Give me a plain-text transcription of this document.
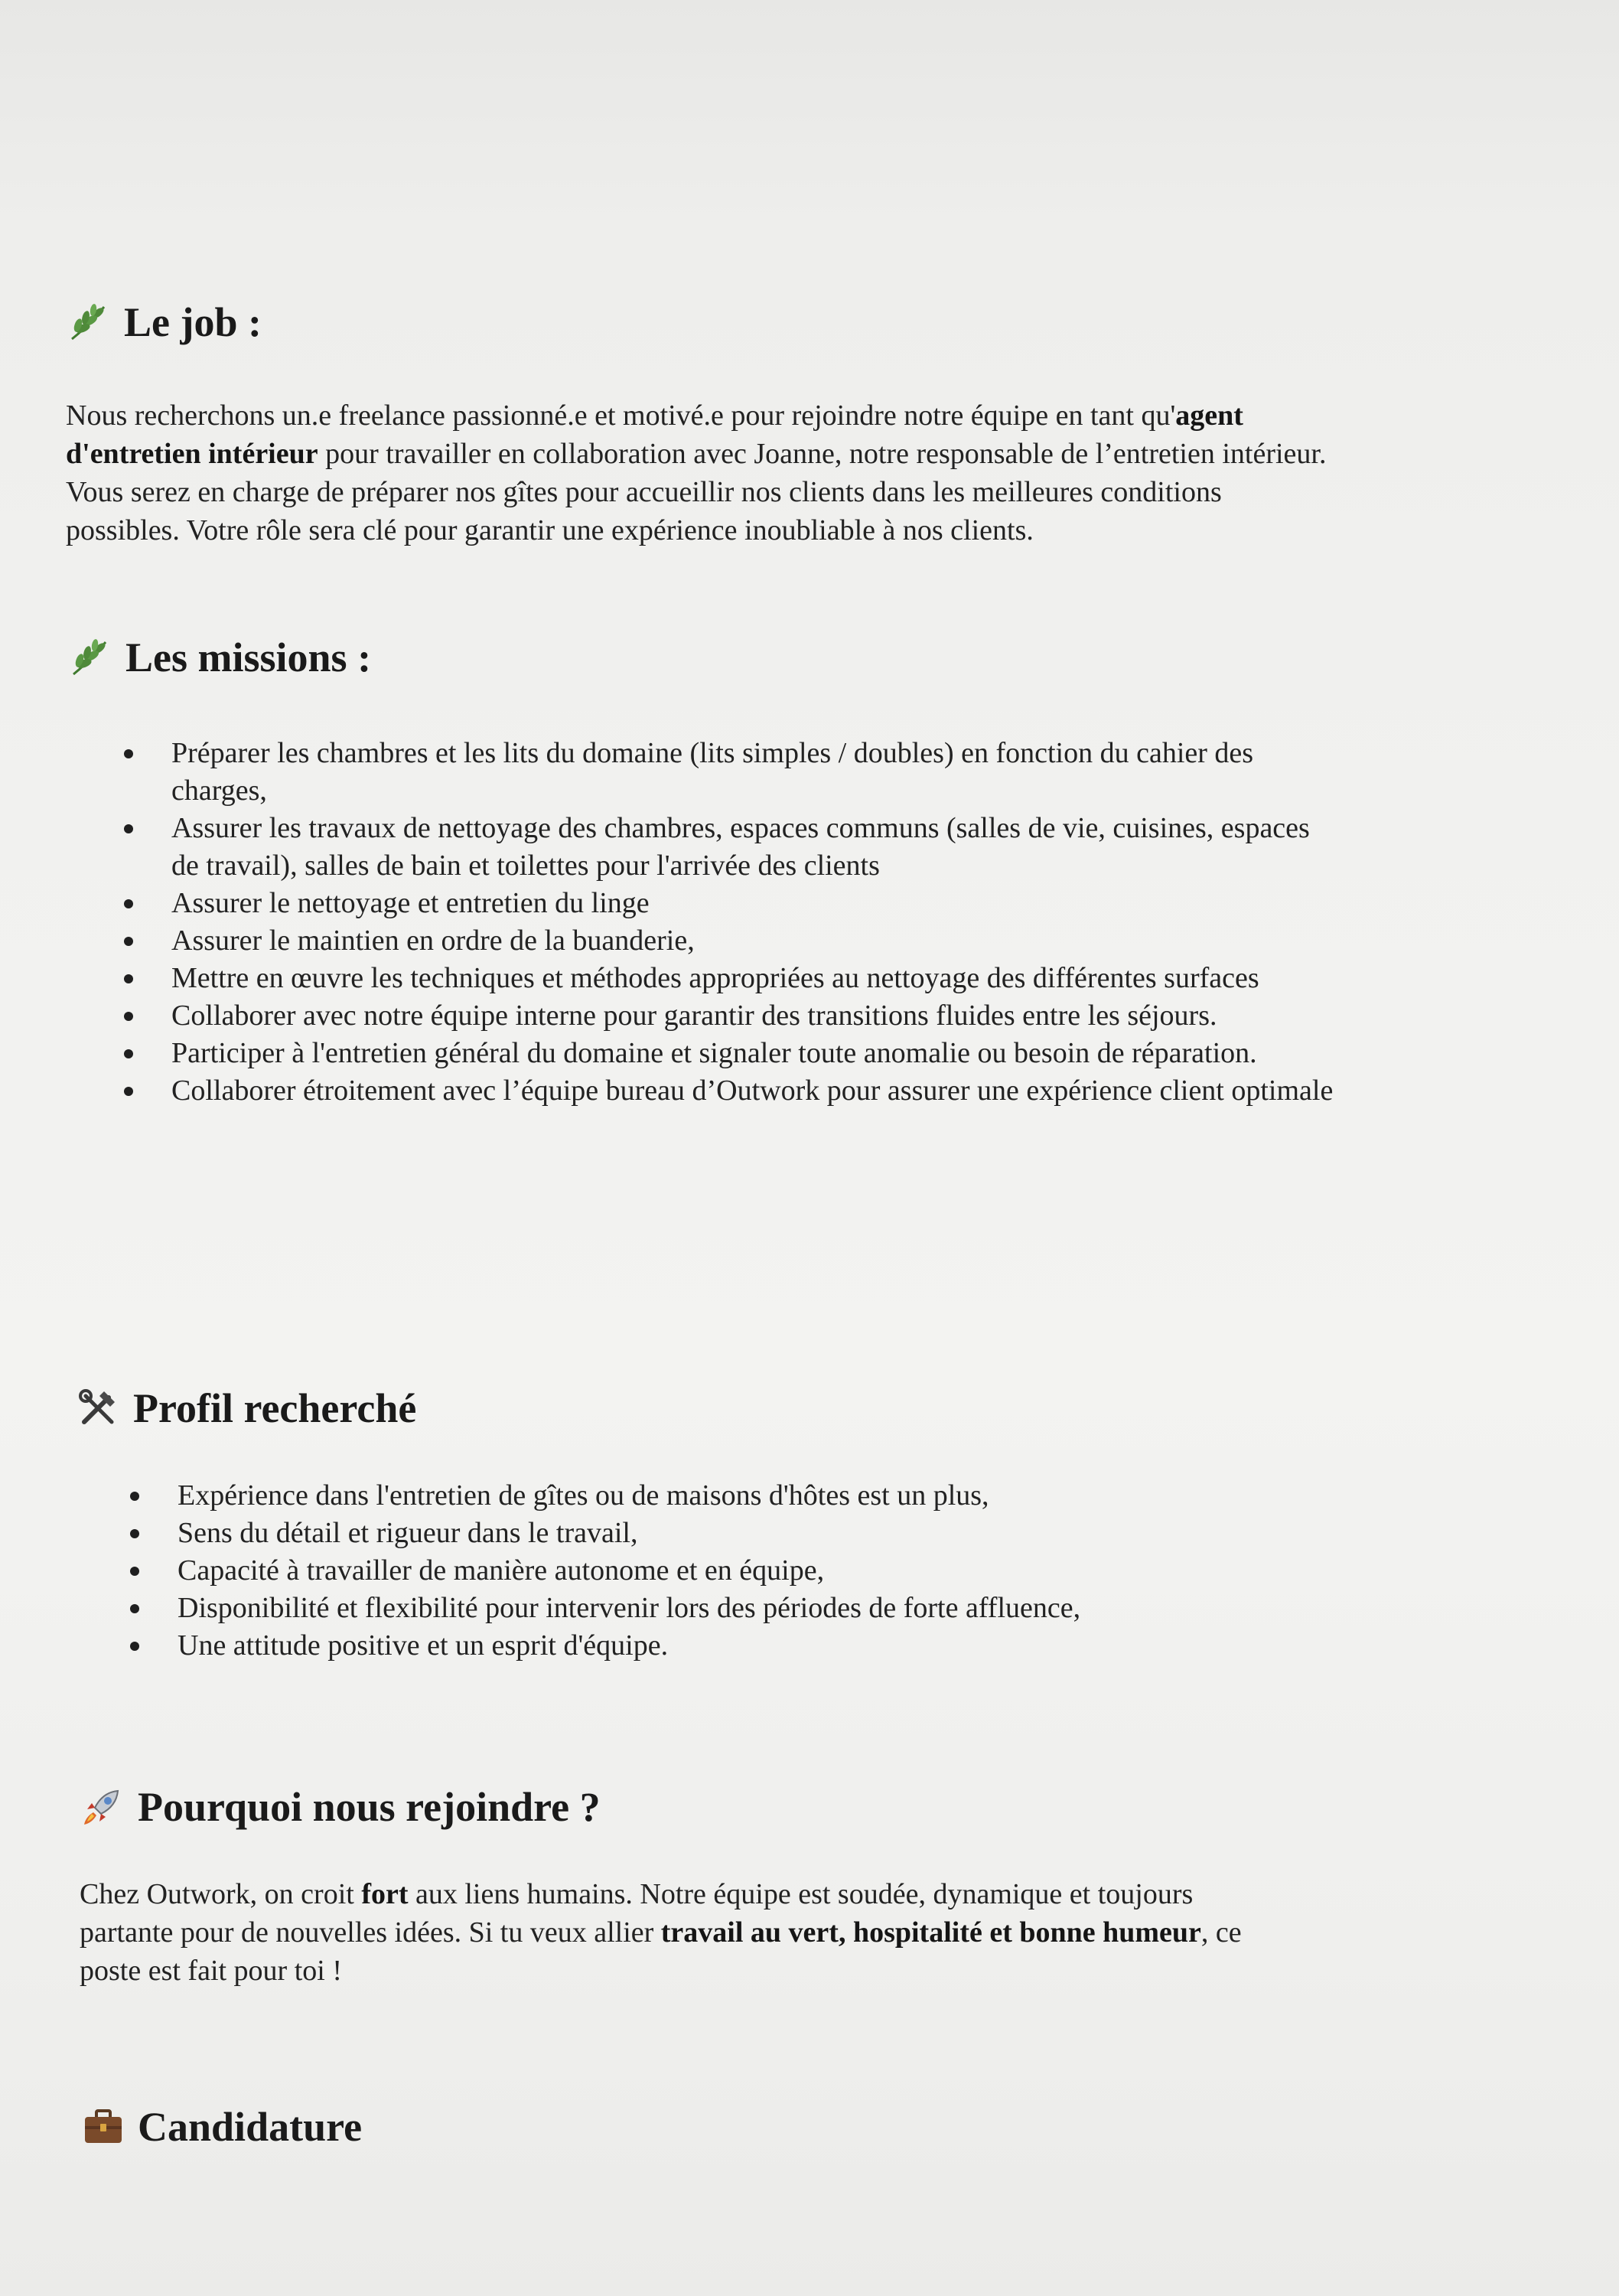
Le job :

Nous recherchons un.e freelance passionné.e et motivé.e pour rejoindre notre équipe en tant qu'agent d'entretien intérieur pour travailler en collaboration avec Joanne, notre responsable de l’entretien intérieur. Vous serez en charge de préparer nos gîtes pour accueillir nos clients dans les meilleures conditions possibles. Votre rôle sera clé pour garantir une expérience inoubliable à nos clients.

Les missions :
Préparer les chambres et les lits du domaine (lits simples / doubles) en fonction du cahier des charges,
Assurer les travaux de nettoyage des chambres, espaces communs (salles de vie, cuisines, espaces de travail), salles de bain et toilettes pour l'arrivée des clients
Assurer le nettoyage et entretien du linge
Assurer le maintien en ordre de la buanderie,
Mettre en œuvre les techniques et méthodes appropriées au nettoyage des différentes surfaces
Collaborer avec notre équipe interne pour garantir des transitions fluides entre les séjours.
Participer à l'entretien général du domaine et signaler toute anomalie ou besoin de réparation.
Collaborer étroitement avec l’équipe bureau d’Outwork pour assurer une expérience client optimale
Profil recherché
Expérience dans l'entretien de gîtes ou de maisons d'hôtes est un plus,
Sens du détail et rigueur dans le travail,
Capacité à travailler de manière autonome et en équipe,
Disponibilité et flexibilité pour intervenir lors des périodes de forte affluence,
Une attitude positive et un esprit d'équipe.
Pourquoi nous rejoindre ?

Chez Outwork, on croit fort aux liens humains. Notre équipe est soudée, dynamique et toujours partante pour de nouvelles idées. Si tu veux allier travail au vert, hospitalité et bonne humeur, ce poste est fait pour toi !

Candidature
